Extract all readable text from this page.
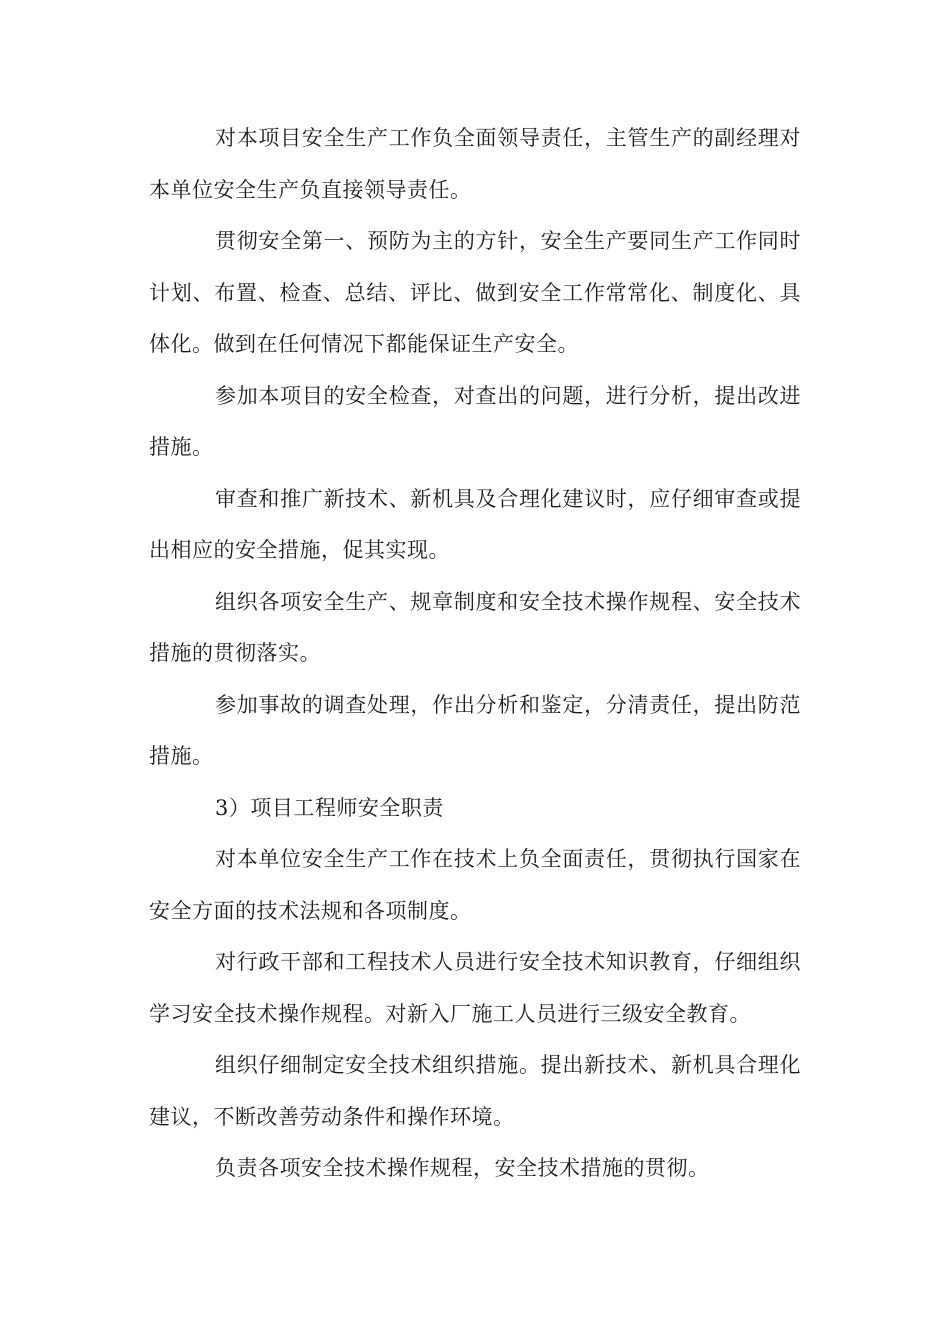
对本项目安全生产工作负全面领导责任，主管生产的副经理对本单位安全生产负直接领导责任。

贯彻安全第一、预防为主的方针，安全生产要同生产工作同时计划、布置、检查、总结、评比、做到安全工作常常化、制度化、具体化。做到在任何情况下都能保证生产安全。

参加本项目的安全检查，对查出的问题，进行分析，提出改进措施。

审查和推广新技术、新机具及合理化建议时，应仔细审查或提出相应的安全措施，促其实现。

组织各项安全生产、规章制度和安全技术操作规程、安全技术措施的贯彻落实。

参加事故的调查处理，作出分析和鉴定，分清责任，提出防范措施。

3）项目工程师安全职责

对本单位安全生产工作在技术上负全面责任，贯彻执行国家在安全方面的技术法规和各项制度。

对行政干部和工程技术人员进行安全技术知识教育，仔细组织学习安全技术操作规程。对新入厂施工人员进行三级安全教育。

组织仔细制定安全技术组织措施。提出新技术、新机具合理化建议，不断改善劳动条件和操作环境。

负责各项安全技术操作规程，安全技术措施的贯彻。
